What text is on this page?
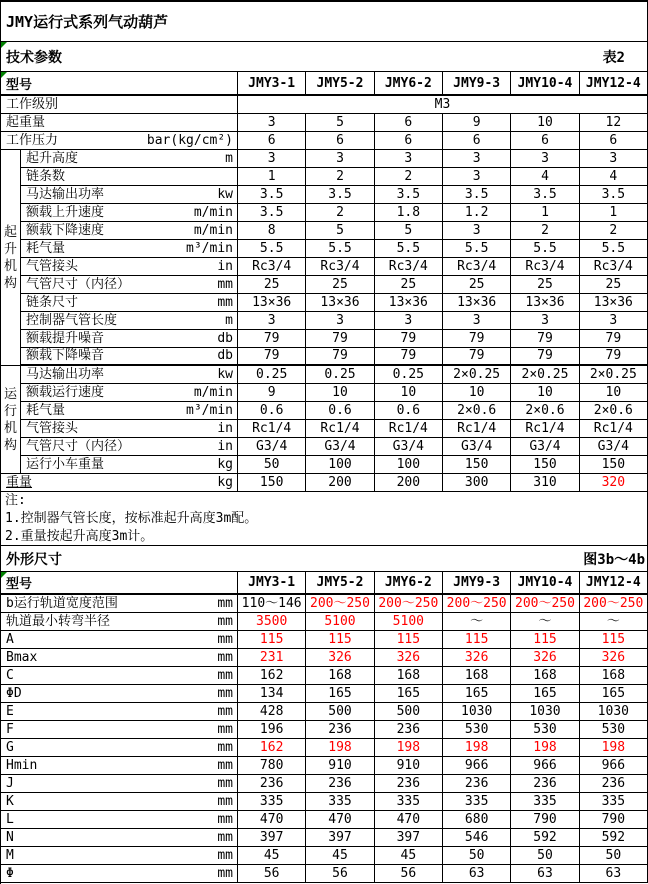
JMY运行式系列气动葫芦
技术参数	表2
型号	JMY3-1	JMY5-2	JMY6-2	JMY9-3	JMY10-4	JMY12-4
工作级别	M3
起重量	3	5	6	9	10	12
工作压力	bar(kg/cm²)	6	6	6	6	6	6
起
升
机
构
起升高度	m	3	3	3	3	3	3
链条数	1	2	2	3	4	4
马达输出功率	kw	3.5	3.5	3.5	3.5	3.5	3.5
额载上升速度	m/min	3.5	2	1.8	1.2	1	1
额载下降速度	m/min	8	5	5	3	2	2
耗气量	m³/min	5.5	5.5	5.5	5.5	5.5	5.5
气管接头	in	Rc3/4	Rc3/4	Rc3/4	Rc3/4	Rc3/4	Rc3/4
气管尺寸（内径）	mm	25	25	25	25	25	25
链条尺寸	mm	13×36	13×36	13×36	13×36	13×36	13×36
控制器气管长度	m	3	3	3	3	3	3
额载提升噪音	db	79	79	79	79	79	79
额载下降噪音	db	79	79	79	79	79	79
运
行
机
构
马达输出功率	kw	0.25	0.25	0.25	2×0.25	2×0.25	2×0.25
额载运行速度	m/min	9	10	10	10	10	10
耗气量	m³/min	0.6	0.6	0.6	2×0.6	2×0.6	2×0.6
气管接头	in	Rc1/4	Rc1/4	Rc1/4	Rc1/4	Rc1/4	Rc1/4
气管尺寸（内径）	in	G3/4	G3/4	G3/4	G3/4	G3/4	G3/4
运行小车重量	kg	50	100	100	150	150	150
重量	kg	150	200	200	300	310	320
注:
1.控制器气管长度，按标准起升高度3m配。
2.重量按起升高度3m计。
外形尺寸	图3b～4b
型号	JMY3-1	JMY5-2	JMY6-2	JMY9-3	JMY10-4	JMY12-4
b运行轨道宽度范围	mm 110～146 200～250 200～250 200～250 200～250 200～250
轨道最小转弯半径	mm	3500	5100	5100	～	～	～
A	mm	115	115	115	115	115	115
Bmax	mm	231	326	326	326	326	326
C	mm	162	168	168	168	168	168
ΦD	mm	134	165	165	165	165	165
E	mm	428	500	500	1030	1030	1030
F	mm	196	236	236	530	530	530
G	mm	162	198	198	198	198	198
Hmin	mm	780	910	910	966	966	966
J	mm	236	236	236	236	236	236
K	mm	335	335	335	335	335	335
L	mm	470	470	470	680	790	790
N	mm	397	397	397	546	592	592
M	mm	45	45	45	50	50	50
Φ	mm	56	56	56	63	63	63
